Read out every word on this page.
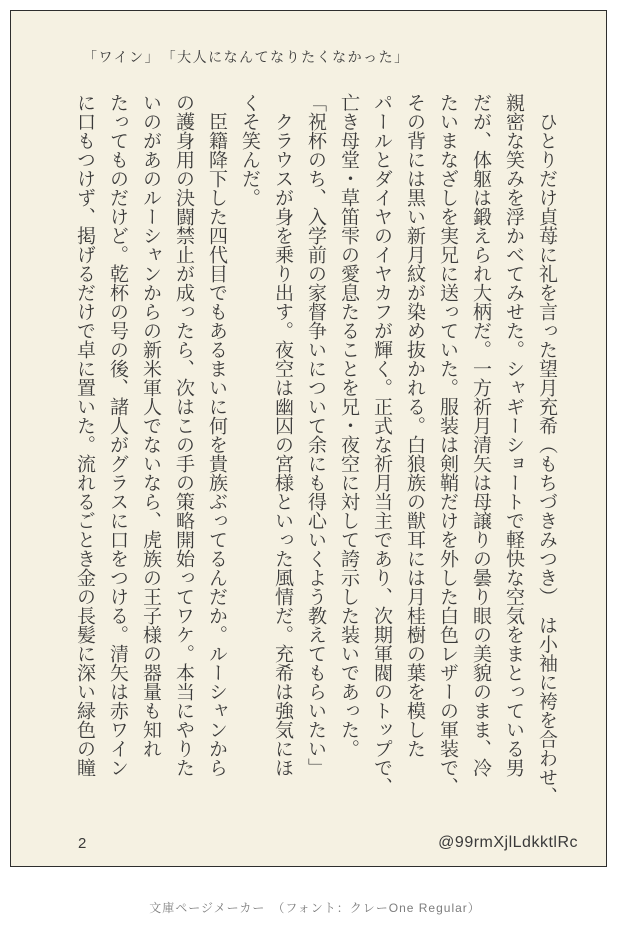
「ワイン」　「大人になんてなりたくなかった」
　ひとりだけ貞苺に礼を言った望月充希（もちづきみつき）　は小袖に袴を合わせ、
親密な笑みを浮かべてみせた。シャギーショートで軽快な空気をまとっている男
だが、体躯は鍛えられ大柄だ。一方祈月清矢は母譲りの曇り眼の美貌のまま、冷
たいまなざしを実兄に送っていた。服装は剣鞘だけを外した白色レザーの軍装で、
その背には黒い新月紋が染め抜かれる。白狼族の獣耳には月桂樹の葉を模した
パールとダイヤのイヤカフが輝く。正式な祈月当主であり、次期軍閥のトップで、
亡き母堂・草笛雫の愛息たることを兄・夜空に対して誇示した装いであった。
「祝杯のち、入学前の家督争いについて余にも得心いくよう教えてもらいたい」
　クラウスが身を乗り出す。夜空は幽囚の宮様といった風情だ。充希は強気にほ
くそ笑んだ。
　臣籍降下した四代目でもあるまいに何を貴族ぶってるんだか。ルーシャンから
の護身用の決闘禁止が成ったら、次はこの手の策略開始ってワケ。本当にやりた
いのがあのルーシャンからの新米軍人でないなら、虎族の王子様の器量も知れ
たってものだけど。乾杯の号の後、諸人がグラスに口をつける。清矢は赤ワイン
に口もつけず、掲げるだけで卓に置いた。流れるごとき金の長髪に深い緑色の瞳
2	@99rmXjlLdkktlRc
文庫ページメーカー　（フォント：クレーOne Regular）
